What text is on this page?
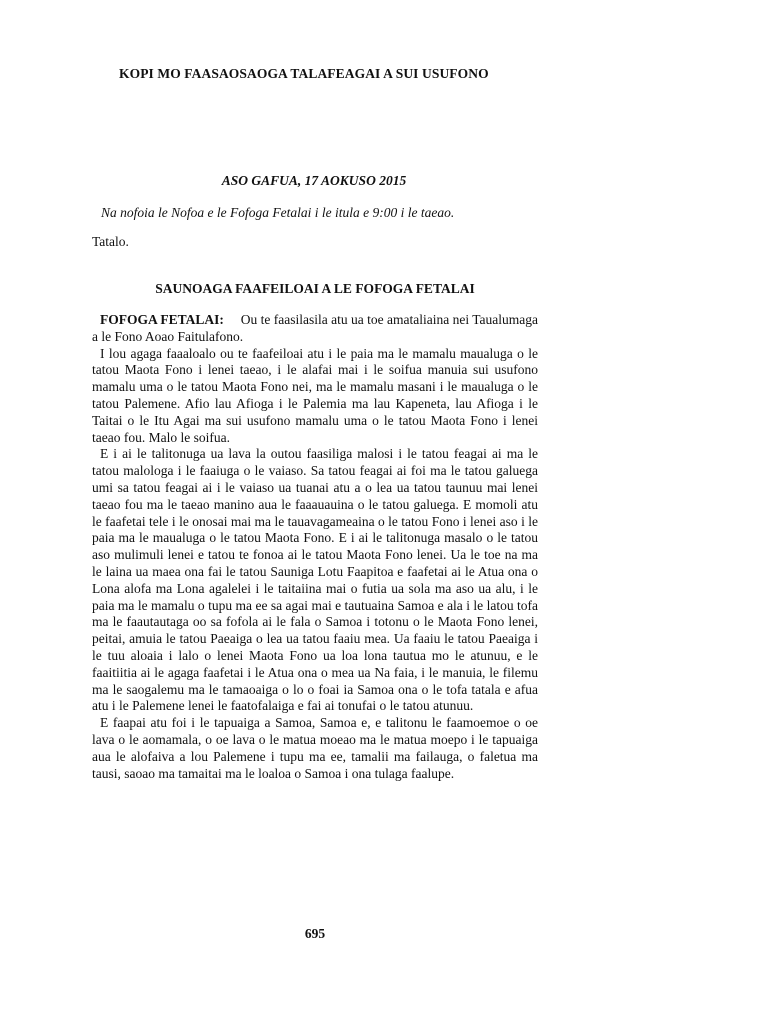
KOPI MO FAASAOSAOGA TALAFEAGAI A SUI USUFONO
ASO GAFUA, 17 AOKUSO 2015
Na nofoia le Nofoa e le Fofoga Fetalai i le itula e 9:00 i le taeao.
Tatalo.
SAUNOAGA FAAFEILOAI A LE FOFOGA FETALAI

FOFOGA FETALAI: Ou te faasilasila atu ua toe amataliaina nei Taualumaga a le Fono Aoao Faitulafono.

I lou agaga faaaloalo ou te faafeiloai atu i le paia ma le mamalu maualuga o le tatou Maota Fono i lenei taeao, i le alafai mai i le soifua manuia sui usufono mamalu uma o le tatou Maota Fono nei, ma le mamalu masani i le maualuga o le tatou Palemene. Afio lau Afioga i le Palemia ma lau Kapeneta, lau Afioga i le Taitai o le Itu Agai ma sui usufono mamalu uma o le tatou Maota Fono i lenei taeao fou. Malo le soifua.

E i ai le talitonuga ua lava la outou faasiliga malosi i le tatou feagai ai ma le tatou malologa i le faaiuga o le vaiaso. Sa tatou feagai ai foi ma le tatou galuega umi sa tatou feagai ai i le vaiaso ua tuanai atu a o lea ua tatou taunuu mai lenei taeao fou ma le taeao manino aua le faaauauina o le tatou galuega. E momoli atu le faafetai tele i le onosai mai ma le tauavagameaina o le tatou Fono i lenei aso i le paia ma le maualuga o le tatou Maota Fono. E i ai le talitonuga masalo o le tatou aso mulimuli lenei e tatou te fonoa ai le tatou Maota Fono lenei. Ua le toe na ma le laina ua maea ona fai le tatou Sauniga Lotu Faapitoa e faafetai ai le Atua ona o Lona alofa ma Lona agalelei i le taitaiina mai o futia ua sola ma aso ua alu, i le paia ma le mamalu o tupu ma ee sa agai mai e tautuaina Samoa e ala i le latou tofa ma le faautautaga oo sa fofola ai le fala o Samoa i totonu o le Maota Fono lenei, peitai, amuia le tatou Paeaiga o lea ua tatou faaiu mea. Ua faaiu le tatou Paeaiga i le tuu aloaia i lalo o lenei Maota Fono ua loa lona tautua mo le atunuu, e le faaitiitia ai le agaga faafetai i le Atua ona o mea ua Na faia, i le manuia, le filemu ma le saogalemu ma le tamaoaiga o lo o foai ia Samoa ona o le tofa tatala e afua atu i le Palemene lenei le faatofalaiga e fai ai tonufai o le tatou atunuu.

E faapai atu foi i le tapuaiga a Samoa, Samoa e, e talitonu le faamoemoe o oe lava o le aomamala, o oe lava o le matua moeao ma le matua moepo i le tapuaiga aua le alofaiva a lou Palemene i tupu ma ee, tamalii ma failauga, o faletua ma tausi, saoao ma tamaitai ma le loaloa o Samoa i ona tulaga faalupe.

695
